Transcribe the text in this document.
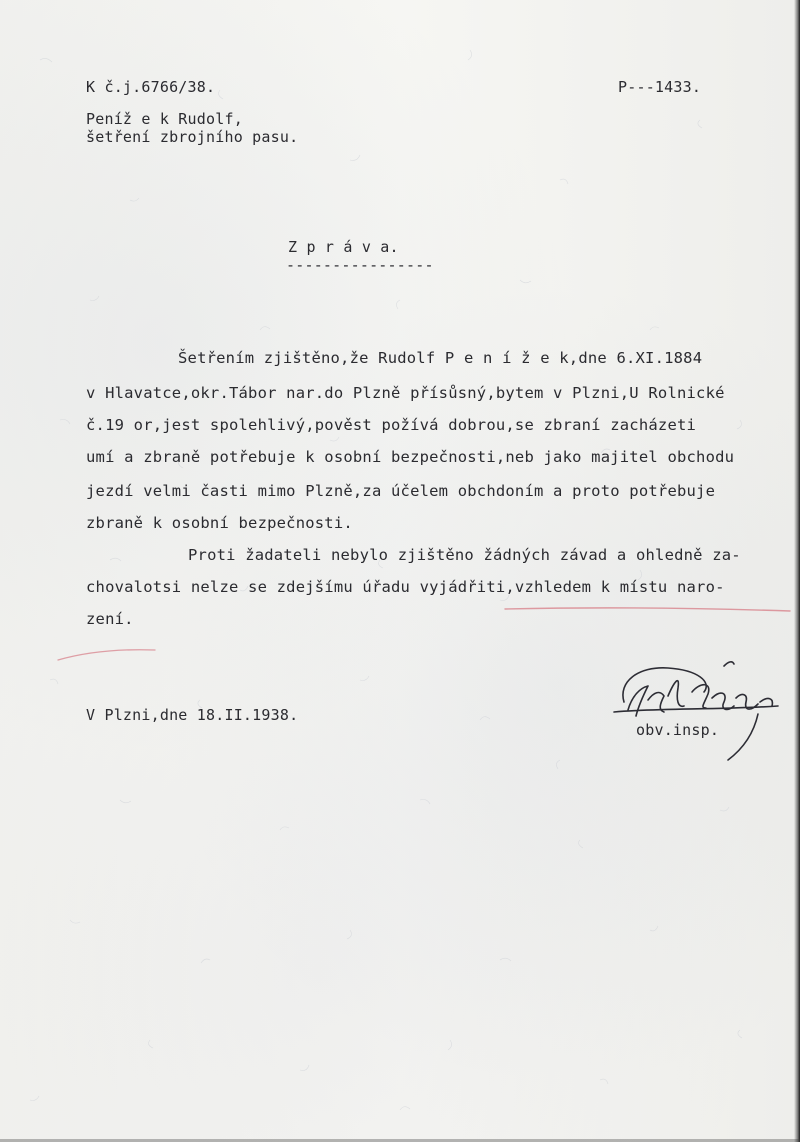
K č.j.6766/38.	P---1433.
Peníž e k Rudolf,
šetření zbrojního pasu.
Z p r á v a.
----------------
Šetřením zjištěno,že Rudolf P e n í ž e k,dne 6.XI.1884
v Hlavatce,okr.Tábor nar.do Plzně přísůsný,bytem v Plzni,U Rolnické
č.19 or,jest spolehlivý,pověst požívá dobrou,se zbraní zacházeti
umí a zbraně potřebuje k osobní bezpečnosti,neb jako majitel obchodu
jezdí velmi časti mimo Plzně,za účelem obchdoním a proto potřebuje
zbraně k osobní bezpečnosti.
Proti žadateli nebylo zjištěno žádných závad a ohledně za-
chovalotsi nelze se zdejšímu úřadu vyjádřiti,vzhledem k místu naro-
zení.
V Plzni,dne 18.II.1938.
obv.insp.
